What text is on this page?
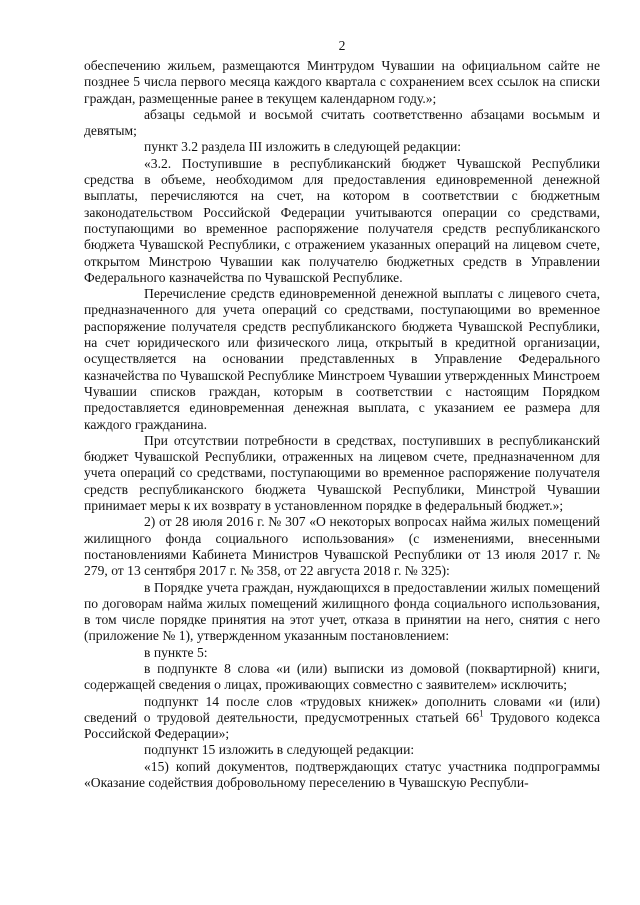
2

обеспечению жильем, размещаются Минтрудом Чувашии на официальном сайте не позднее 5 числа первого месяца каждого квартала с сохранением всех ссылок на списки граждан, размещенные ранее в текущем календарном году.»;

абзацы седьмой и восьмой считать соответственно абзацами восьмым и девятым;

пункт 3.2 раздела III изложить в следующей редакции:

«3.2. Поступившие в республиканский бюджет Чувашской Республики средства в объеме, необходимом для предоставления единовременной денежной выплаты, перечисляются на счет, на котором в соответствии с бюджетным законодательством Российской Федерации учитываются операции со средствами, поступающими во временное распоряжение получателя средств республиканского бюджета Чувашской Республики, с отражением указанных операций на лицевом счете, открытом Минстрою Чувашии как получателю бюджетных средств в Управлении Федерального казначейства по Чувашской Республике.

Перечисление средств единовременной денежной выплаты с лицевого счета, предназначенного для учета операций со средствами, поступающими во временное распоряжение получателя средств республиканского бюджета Чувашской Республики, на счет юридического или физического лица, открытый в кредитной организации, осуществляется на основании представленных в Управление Федерального казначейства по Чувашской Республике Минстроем Чувашии утвержденных Минстроем Чувашии списков граждан, которым в соответствии с настоящим Порядком предоставляется единовременная денежная выплата, с указанием ее размера для каждого гражданина.

При отсутствии потребности в средствах, поступивших в республиканский бюджет Чувашской Республики, отраженных на лицевом счете, предназначенном для учета операций со средствами, поступающими во временное распоряжение получателя средств республиканского бюджета Чувашской Республики, Минстрой Чувашии принимает меры к их возврату в установленном порядке в федеральный бюджет.»;

2) от 28 июля 2016 г. № 307 «О некоторых вопросах найма жилых помещений жилищного фонда социального использования» (с изменениями, внесенными постановлениями Кабинета Министров Чувашской Республики от 13 июля 2017 г. № 279, от 13 сентября 2017 г. № 358, от 22 августа 2018 г. № 325):

в Порядке учета граждан, нуждающихся в предоставлении жилых помещений по договорам найма жилых помещений жилищного фонда социального использования, в том числе порядке принятия на этот учет, отказа в принятии на него, снятия с него (приложение № 1), утвержденном указанным постановлением:

в пункте 5:

в подпункте 8 слова «и (или) выписки из домовой (поквартирной) книги, содержащей сведения о лицах, проживающих совместно с заявителем» исключить;

подпункт 14 после слов «трудовых книжек» дополнить словами «и (или) сведений о трудовой деятельности, предусмотренных статьей $66^1$ Трудового кодекса Российской Федерации»;

подпункт 15 изложить в следующей редакции:

«15) копий документов, подтверждающих статус участника подпрограммы «Оказание содействия добровольному переселению в Чувашскую Республи-
